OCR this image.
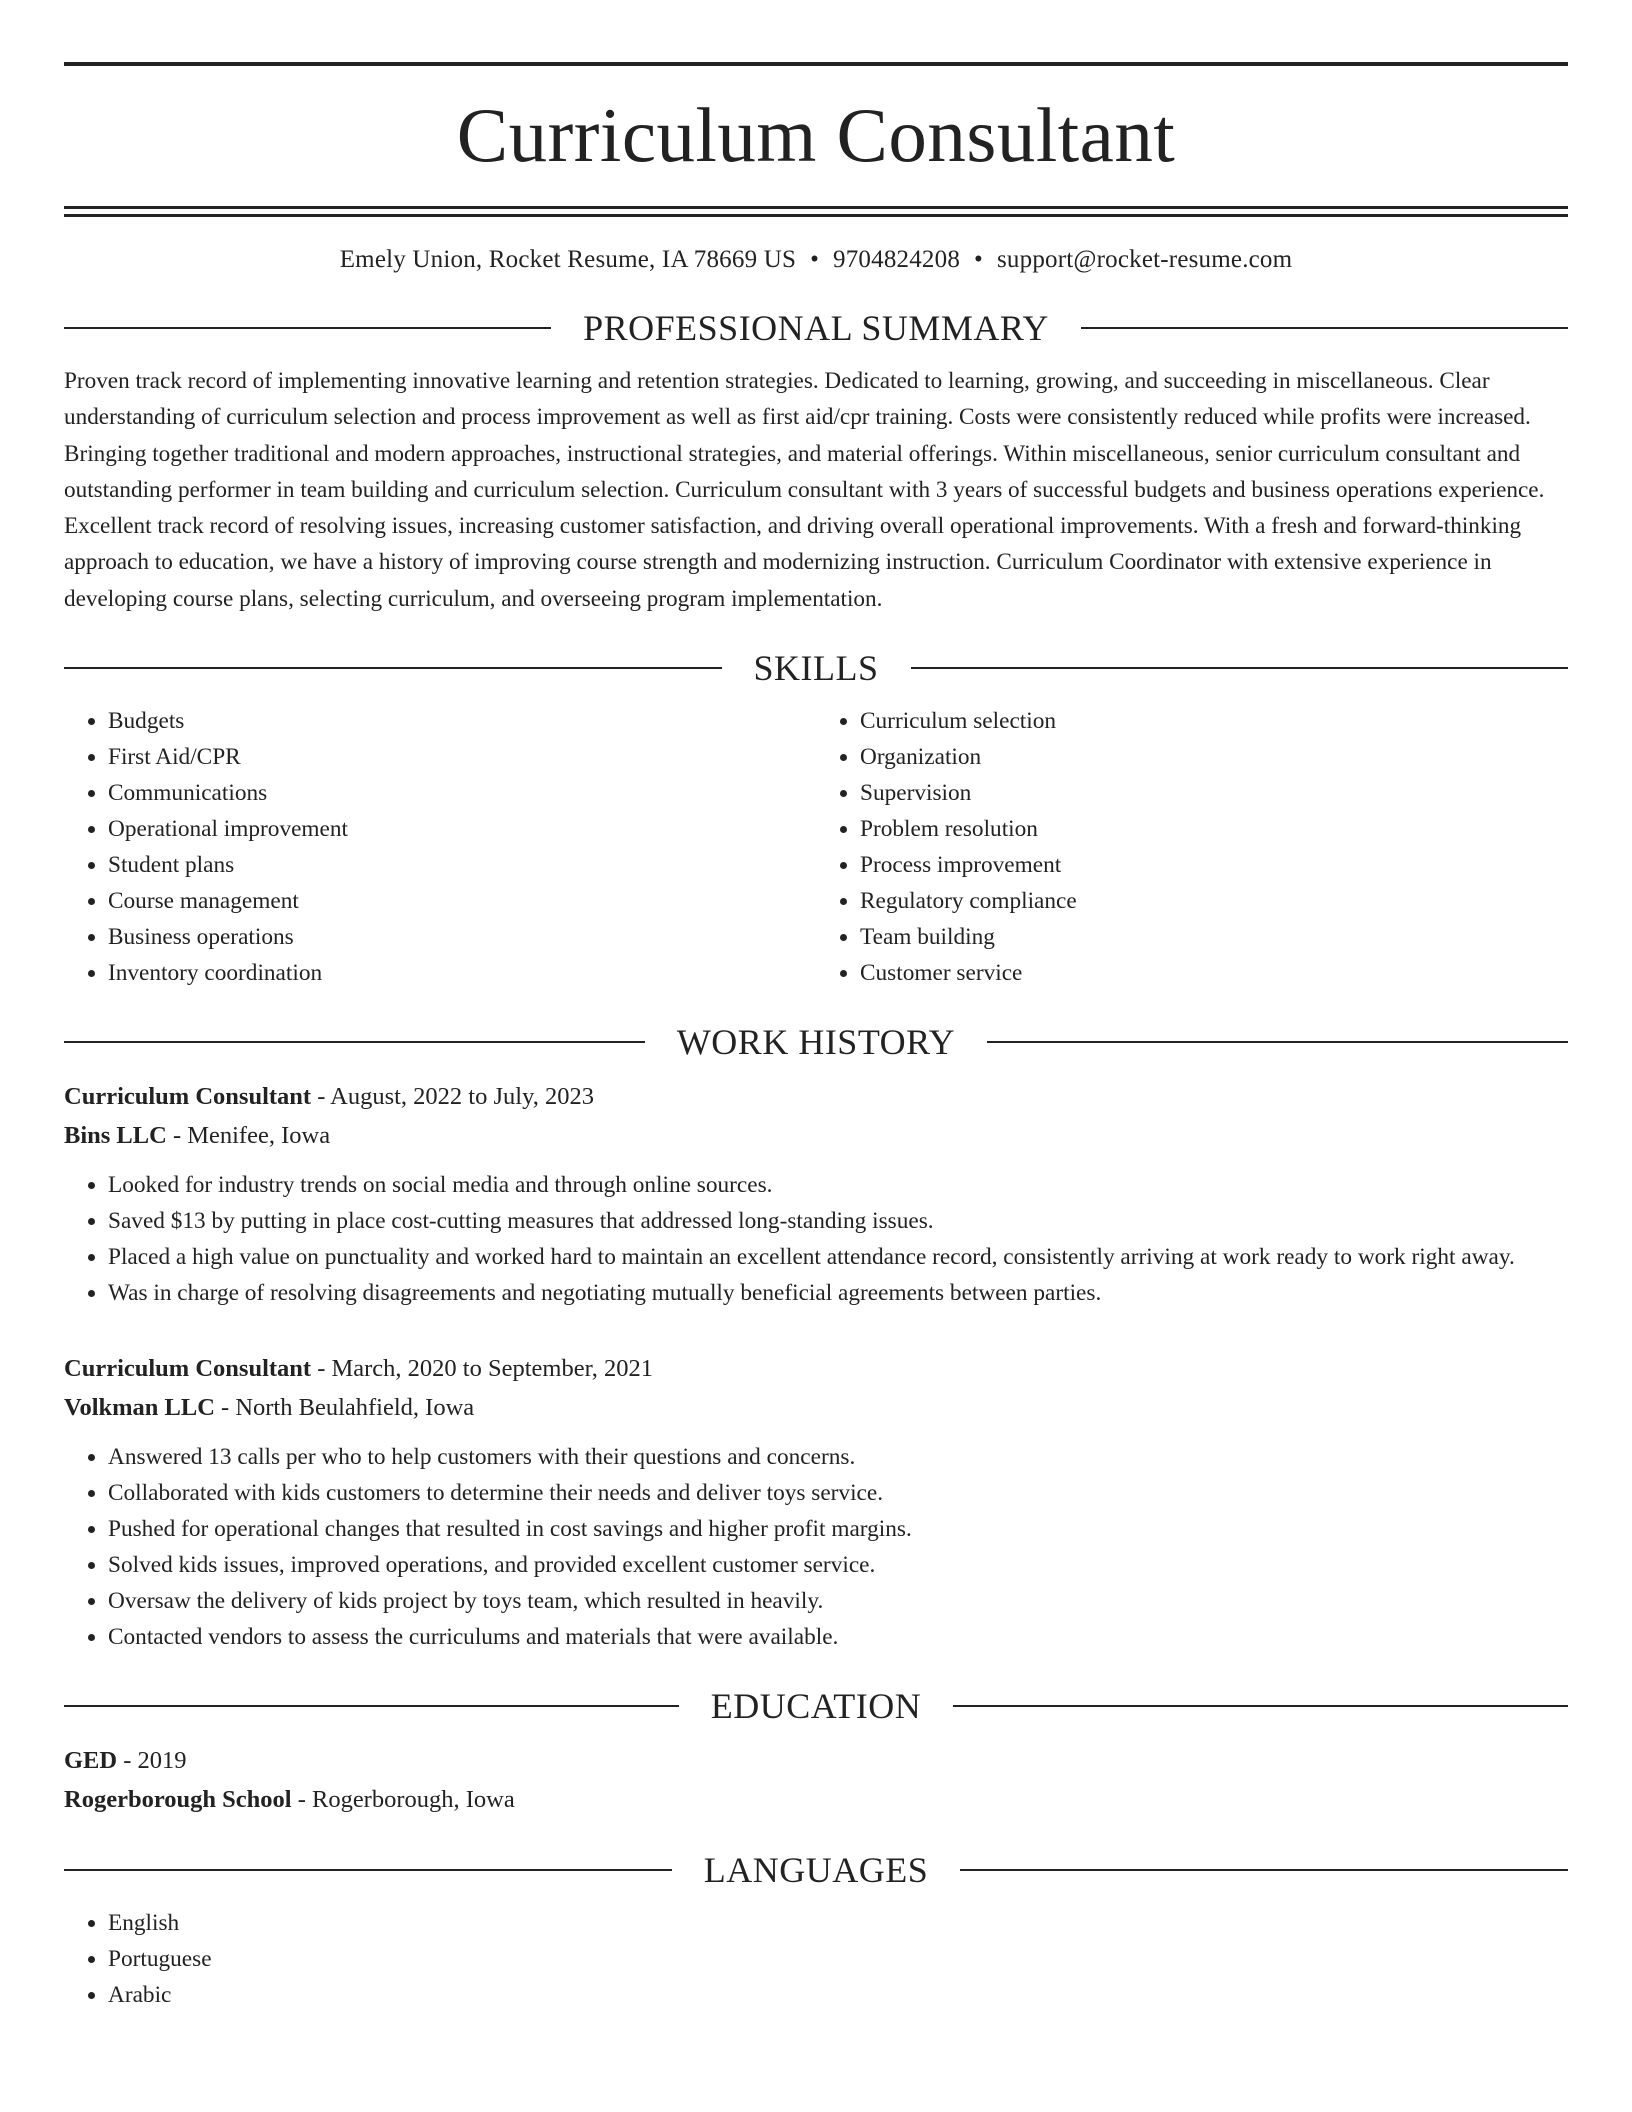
Curriculum Consultant
Emely Union, Rocket Resume, IA 78669 US • 9704824208 • support@rocket-resume.com
PROFESSIONAL SUMMARY

Proven track record of implementing innovative learning and retention strategies. Dedicated to learning, growing, and succeeding in miscellaneous. Clear understanding of curriculum selection and process improvement as well as first aid/cpr training. Costs were consistently reduced while profits were increased. Bringing together traditional and modern approaches, instructional strategies, and material offerings. Within miscellaneous, senior curriculum consultant and outstanding performer in team building and curriculum selection. Curriculum consultant with 3 years of successful budgets and business operations experience. Excellent track record of resolving issues, increasing customer satisfaction, and driving overall operational improvements. With a fresh and forward-thinking approach to education, we have a history of improving course strength and modernizing instruction. Curriculum Coordinator with extensive experience in developing course plans, selecting curriculum, and overseeing program implementation.

SKILLS
• Budgets
• First Aid/CPR
• Communications
• Operational improvement
• Student plans
• Course management
• Business operations
• Inventory coordination
• Curriculum selection
• Organization
• Supervision
• Problem resolution
• Process improvement
• Regulatory compliance
• Team building
• Customer service
WORK HISTORY
Curriculum Consultant - August, 2022 to July, 2023
Bins LLC - Menifee, Iowa
• Looked for industry trends on social media and through online sources.
• Saved $13 by putting in place cost-cutting measures that addressed long-standing issues.
• Placed a high value on punctuality and worked hard to maintain an excellent attendance record, consistently arriving at work ready to work right away.
• Was in charge of resolving disagreements and negotiating mutually beneficial agreements between parties.
Curriculum Consultant - March, 2020 to September, 2021
Volkman LLC - North Beulahfield, Iowa
• Answered 13 calls per who to help customers with their questions and concerns.
• Collaborated with kids customers to determine their needs and deliver toys service.
• Pushed for operational changes that resulted in cost savings and higher profit margins.
• Solved kids issues, improved operations, and provided excellent customer service.
• Oversaw the delivery of kids project by toys team, which resulted in heavily.
• Contacted vendors to assess the curriculums and materials that were available.
EDUCATION
GED - 2019
Rogerborough School - Rogerborough, Iowa
LANGUAGES
• English
• Portuguese
• Arabic
